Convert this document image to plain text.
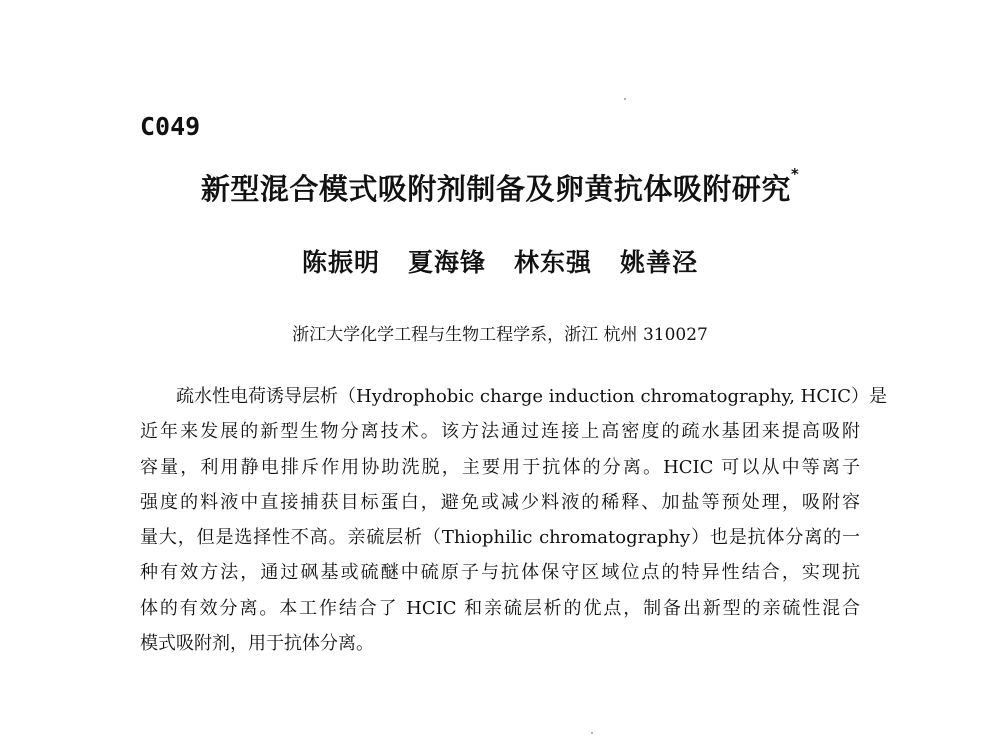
C049
新型混合模式吸附剂制备及卵黄抗体吸附研究*
陈振明 夏海锋 林东强 姚善泾
浙江大学化学工程与生物工程学系，浙江 杭州 310027
疏水性电荷诱导层析（Hydrophobic charge induction chromatography, HCIC）是
近年来发展的新型生物分离技术。该方法通过连接上高密度的疏水基团来提高吸附
容量，利用静电排斥作用协助洗脱，主要用于抗体的分离。HCIC 可以从中等离子
强度的料液中直接捕获目标蛋白，避免或减少料液的稀释、加盐等预处理，吸附容
量大，但是选择性不高。亲硫层析（Thiophilic chromatography）也是抗体分离的一
种有效方法，通过砜基或硫醚中硫原子与抗体保守区域位点的特异性结合，实现抗
体的有效分离。本工作结合了 HCIC 和亲硫层析的优点，制备出新型的亲硫性混合
模式吸附剂，用于抗体分离。
